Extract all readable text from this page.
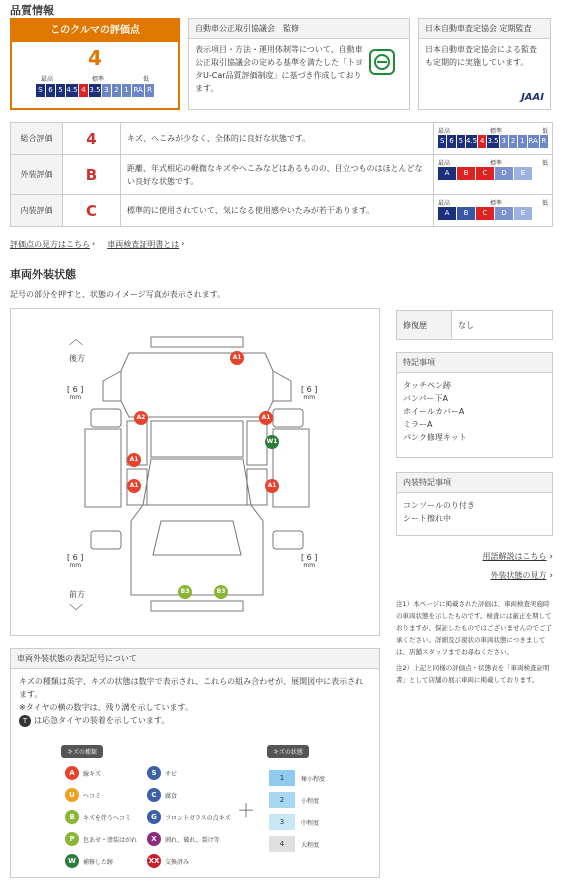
品質情報
このクルマの評価点
4
最高	標準	低
S 6 5 4.5 4 3.5 3 2 1 RA R
自動車公正取引協議会　監修
表示項目・方法・運用体制等について、自動車公正取引協議会の定める基準を満たした「トヨタU-Car品質評価制度」に基づき作成しております。
日本自動車査定協会 定期監査
日本自動車査定協会による監査も定期的に実施しています。
JAAI
総合評価	4	キズ、へこみが少なく、全体的に良好な状態です。
最高	標準	低
S 6 5 4.5 4 3.5 3 2 1 RA R
外装評価	B	距離、年式相応の軽微なキズやへこみなどはあるものの、目立つものはほとんどない良好な状態です。
最高	標準	低
A	B	C	D	E
内装評価	C	標準的に使用されていて、気になる使用感やいたみが若干あります。
最高	標準	低
A	B	C	D	E
評価点の見方はこちら › 車両検査証明書とは ›
車両外装状態
記号の部分を押すと、状態のイメージ写真が表示されます。
︿
後方
前方
﹀
[ 6 ]
mm
[ 6 ]
mm
[ 6 ]
mm
[ 6 ]
mm
A1
A2	A1
W1
A1
A1	A1
B3	B3
修復歴	なし
特記事項
タッチペン跡
バンパー下A
ホイールカバーA
ミラーA
パンク修理キット
内装特記事項
コンソールのり付き
シート擦れ中
用語解説はこちら ›
外装状態の見方 ›
注1）本ページに掲載された評価は、車両検査実施時の車両状態を示したものです。検査には厳正を期しておりますが、保証したものではございませんのでご了承ください。詳細及び現状の車両状態につきましては、店舗スタッフまでお尋ねください。
注2）上記と同様の評価点・状態表を「車両検査証明書」として店舗の展示車両に掲載しております。
車両外装状態の表記記号について
キズの種類は英字、キズの状態は数字で表示され、これらの組み合わせが、展開図中に表示されます。
※タイヤの横の数字は、残り溝を示しています。
T は応急タイヤの装着を示しています。
キズの種類	キズの状態
A	線キズ	S	サビ
U	ヘコミ	C	腐食
B	キズを伴うヘコミ	G	フロントガラスの点キズ
P	色あせ・塗装はがれ	X	割れ、破れ、裂け等
W	補修した跡	XX 交換済み
＋
1	極小程度
2	小程度
3	中程度
4	大程度
